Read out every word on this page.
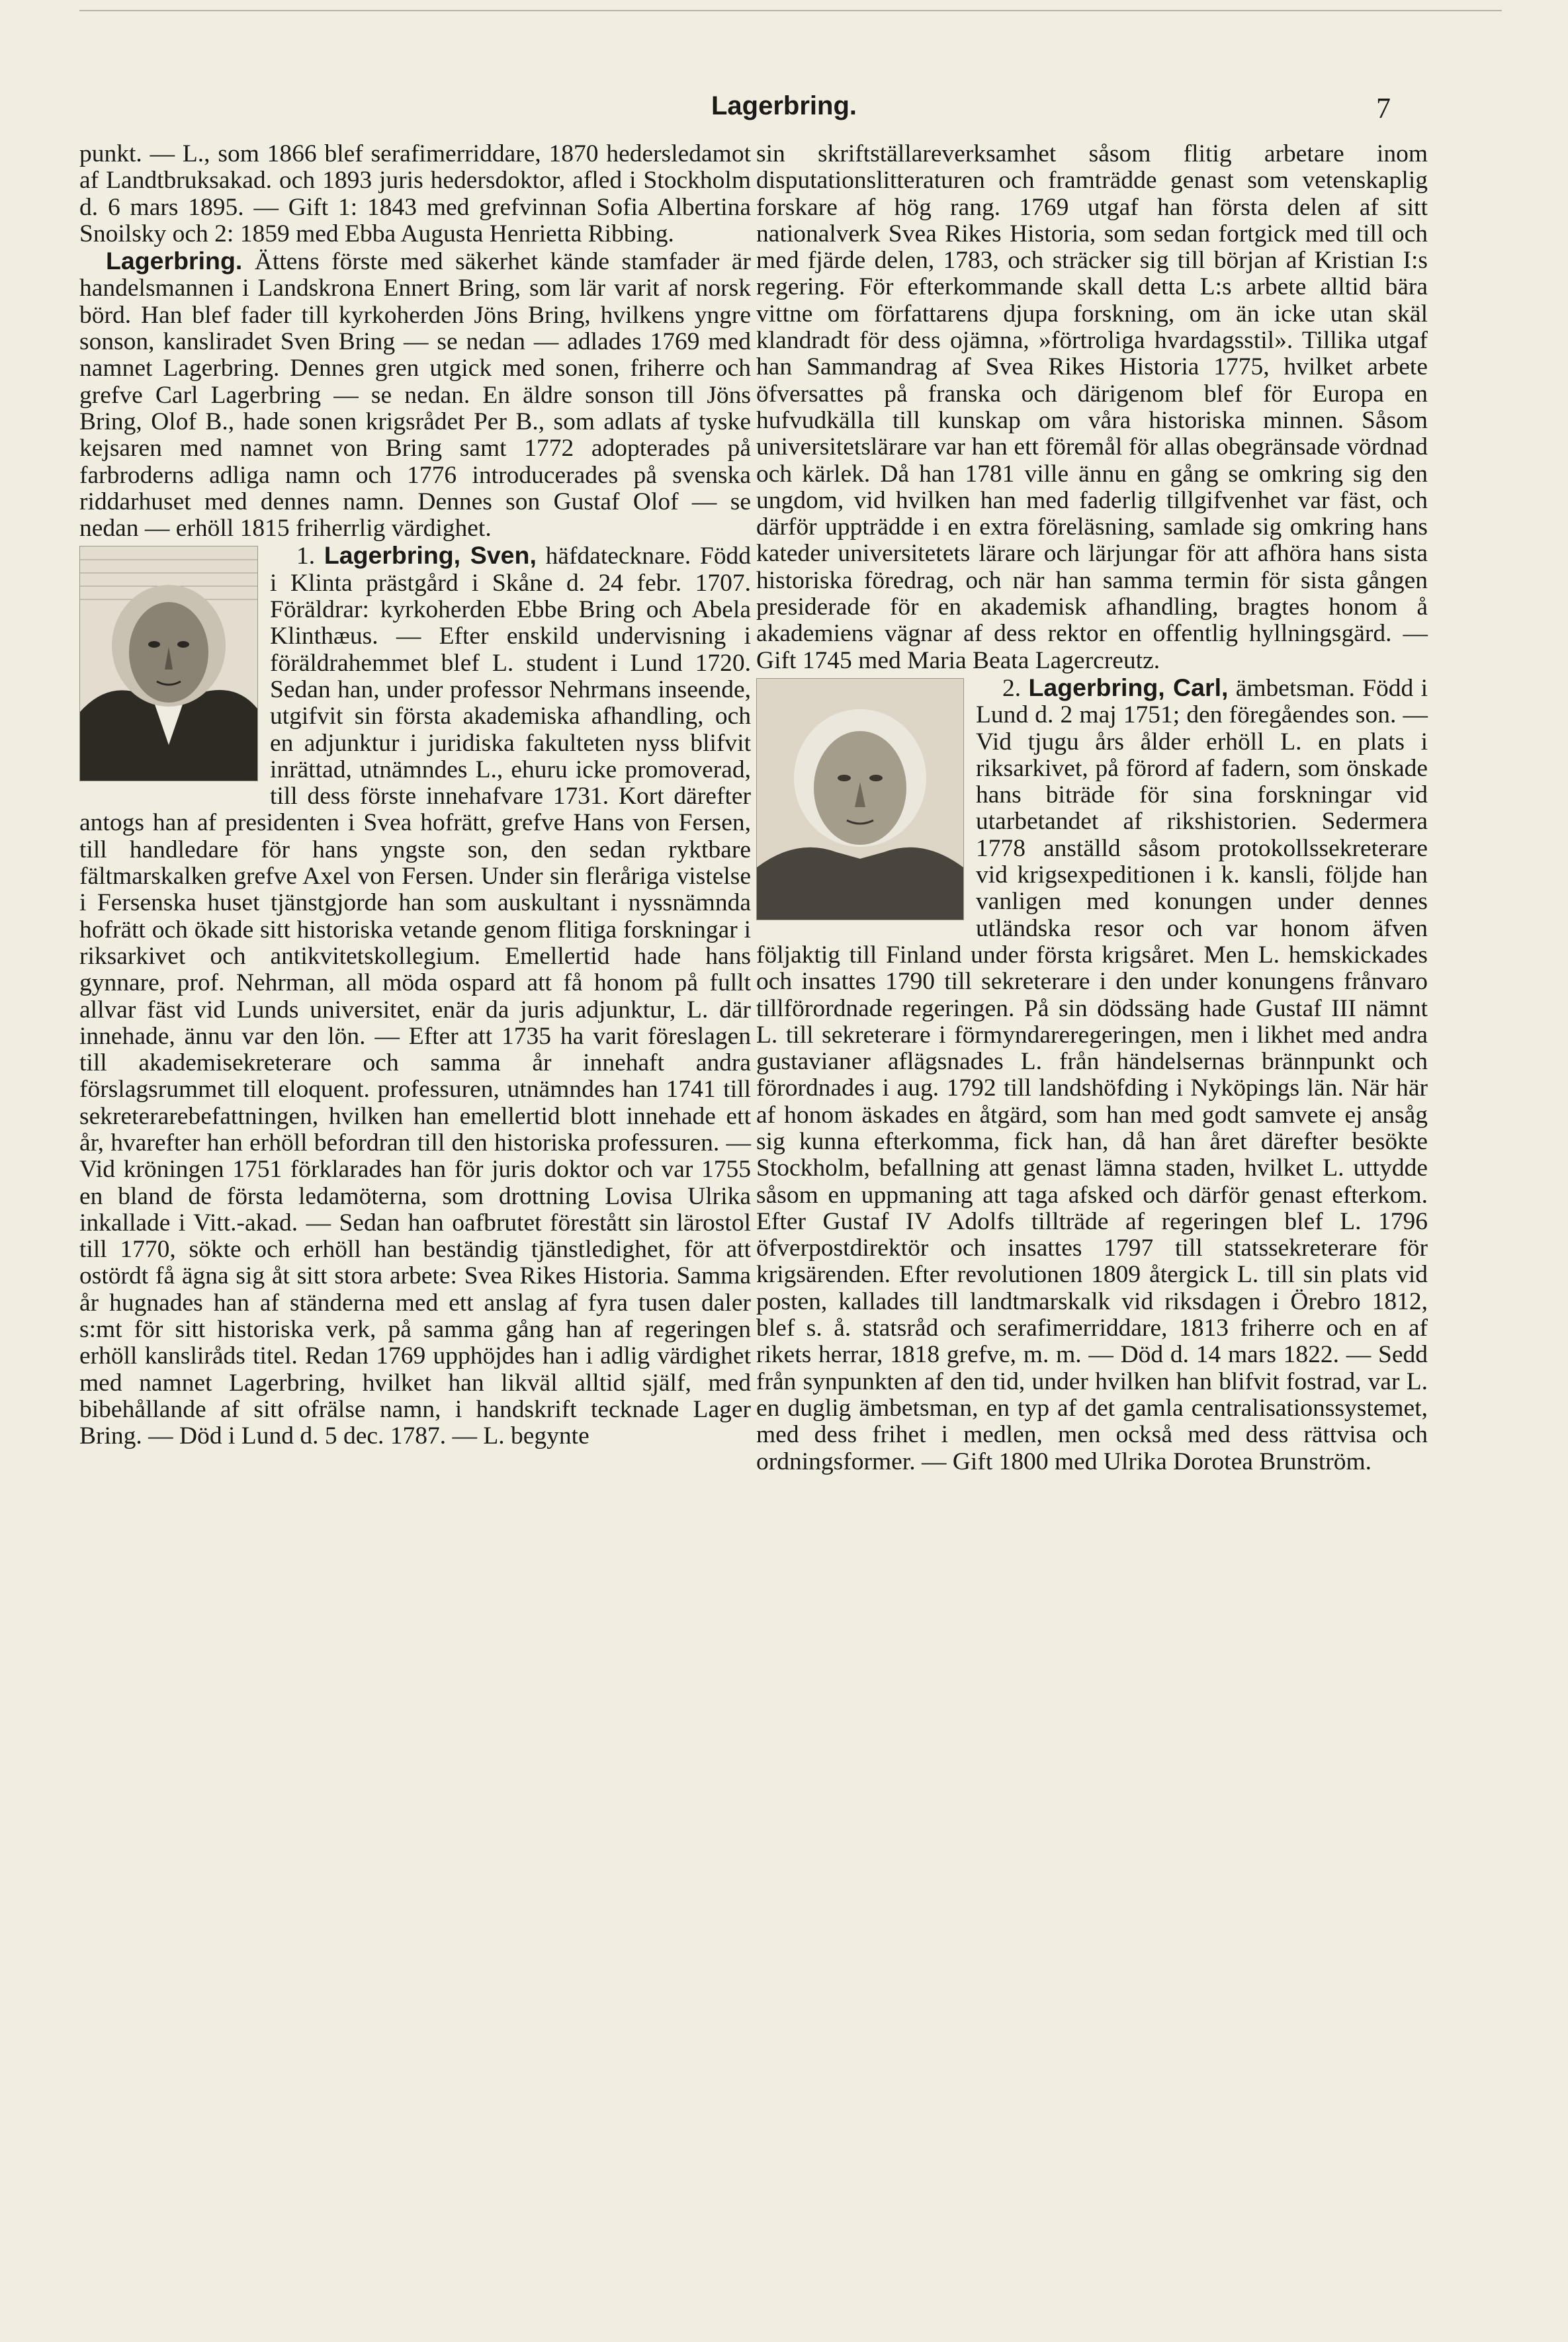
Lagerbring.	7

punkt. — L., som 1866 blef serafimerriddare, 1870 hedersledamot af Landtbruksakad. och 1893 juris hedersdoktor, afled i Stockholm d. 6 mars 1895. — Gift 1: 1843 med grefvinnan Sofia Albertina Snoilsky och 2: 1859 med Ebba Augusta Henrietta Ribbing.

Lagerbring. Ättens förste med säkerhet kände stamfader är handelsmannen i Landskrona Ennert Bring, som lär varit af norsk börd. Han blef fader till kyrkoherden Jöns Bring, hvilkens yngre sonson, kansliradet Sven Bring — se nedan — adlades 1769 med namnet Lagerbring. Dennes gren utgick med sonen, friherre och grefve Carl Lagerbring — se nedan. En äldre sonson till Jöns Bring, Olof B., hade sonen krigsrådet Per B., som adlats af tyske kejsaren med namnet von Bring samt 1772 adopterades på farbroderns adliga namn och 1776 introducerades på svenska riddarhuset med dennes namn. Dennes son Gustaf Olof — se nedan — erhöll 1815 friherrlig värdighet.

1. Lagerbring, Sven, häfdatecknare. Född i Klinta prästgård i Skåne d. 24 febr. 1707. Föräldrar: kyrkoherden Ebbe Bring och Abela Klinthæus. — Efter enskild undervisning i föräldrahemmet blef L. student i Lund 1720. Sedan han, under professor Nehrmans inseende, utgifvit sin första akademiska afhandling, och en adjunktur i juridiska fakulteten nyss blifvit inrättad, utnämndes L., ehuru icke promoverad, till dess förste innehafvare 1731. Kort därefter antogs han af presidenten i Svea hofrätt, grefve Hans von Fersen, till handledare för hans yngste son, den sedan ryktbare fältmarskalken grefve Axel von Fersen. Under sin fleråriga vistelse i Fersenska huset tjänstgjorde han som auskultant i nyssnämnda hofrätt och ökade sitt historiska vetande genom flitiga forskningar i riksarkivet och antikvitetskollegium. Emellertid hade hans gynnare, prof. Nehrman, all möda ospard att få honom på fullt allvar fäst vid Lunds universitet, enär da juris adjunktur, L. där innehade, ännu var den lön. — Efter att 1735 ha varit föreslagen till akademisekreterare och samma år innehaft andra förslagsrummet till eloquent. professuren, utnämndes han 1741 till sekreterarebefattningen, hvilken han emellertid blott innehade ett år, hvarefter han erhöll befordran till den historiska professuren. — Vid kröningen 1751 förklarades han för juris doktor och var 1755 en bland de första ledamöterna, som drottning Lovisa Ulrika inkallade i Vitt.-akad. — Sedan han oafbrutet förestått sin lärostol till 1770, sökte och erhöll han beständig tjänstledighet, för att ostördt få ägna sig åt sitt stora arbete: Svea Rikes Historia. Samma år hugnades han af ständerna med ett anslag af fyra tusen daler s:mt för sitt historiska verk, på samma gång han af regeringen erhöll kansliråds titel. Redan 1769 upphöjdes han i adlig värdighet med namnet Lagerbring, hvilket han likväl alltid själf, med bibehållande af sitt ofrälse namn, i handskrift tecknade Lager Bring. — Död i Lund d. 5 dec. 1787. — L. begynte

sin skriftställareverksamhet såsom flitig arbetare inom disputationslitteraturen och framträdde genast som vetenskaplig forskare af hög rang. 1769 utgaf han första delen af sitt nationalverk Svea Rikes Historia, som sedan fortgick med till och med fjärde delen, 1783, och sträcker sig till början af Kristian I:s regering. För efterkommande skall detta L:s arbete alltid bära vittne om författarens djupa forskning, om än icke utan skäl klandradt för dess ojämna, »förtroliga hvardagsstil». Tillika utgaf han Sammandrag af Svea Rikes Historia 1775, hvilket arbete öfversattes på franska och därigenom blef för Europa en hufvudkälla till kunskap om våra historiska minnen. Såsom universitetslärare var han ett föremål för allas obegränsade vördnad och kärlek. Då han 1781 ville ännu en gång se omkring sig den ungdom, vid hvilken han med faderlig tillgifvenhet var fäst, och därför uppträdde i en extra föreläsning, samlade sig omkring hans kateder universitetets lärare och lärjungar för att afhöra hans sista historiska föredrag, och när han samma termin för sista gången presiderade för en akademisk afhandling, bragtes honom å akademiens vägnar af dess rektor en offentlig hyllningsgärd. — Gift 1745 med Maria Beata Lagercreutz.

2. Lagerbring, Carl, ämbetsman. Född i Lund d. 2 maj 1751; den föregåendes son. — Vid tjugu års ålder erhöll L. en plats i riksarkivet, på förord af fadern, som önskade hans biträde för sina forskningar vid utarbetandet af rikshistorien. Sedermera 1778 anställd såsom protokollssekreterare vid krigsexpeditionen i k. kansli, följde han vanligen med konungen under dennes utländska resor och var honom äfven följaktig till Finland under första krigsåret. Men L. hemskickades och insattes 1790 till sekreterare i den under konungens frånvaro tillförordnade regeringen. På sin dödssäng hade Gustaf III nämnt L. till sekreterare i förmyndareregeringen, men i likhet med andra gustavianer aflägsnades L. från händelsernas brännpunkt och förordnades i aug. 1792 till landshöfding i Nyköpings län. När här af honom äskades en åtgärd, som han med godt samvete ej ansåg sig kunna efterkomma, fick han, då han året därefter besökte Stockholm, befallning att genast lämna staden, hvilket L. uttydde såsom en uppmaning att taga afsked och därför genast efterkom. Efter Gustaf IV Adolfs tillträde af regeringen blef L. 1796 öfverpostdirektör och insattes 1797 till statssekreterare för krigsärenden. Efter revolutionen 1809 återgick L. till sin plats vid posten, kallades till landtmarskalk vid riksdagen i Örebro 1812, blef s. å. statsråd och serafimerriddare, 1813 friherre och en af rikets herrar, 1818 grefve, m. m. — Död d. 14 mars 1822. — Sedd från synpunkten af den tid, under hvilken han blifvit fostrad, var L. en duglig ämbetsman, en typ af det gamla centralisationssystemet, med dess frihet i medlen, men också med dess rättvisa och ordningsformer. — Gift 1800 med Ulrika Dorotea Brunström.
